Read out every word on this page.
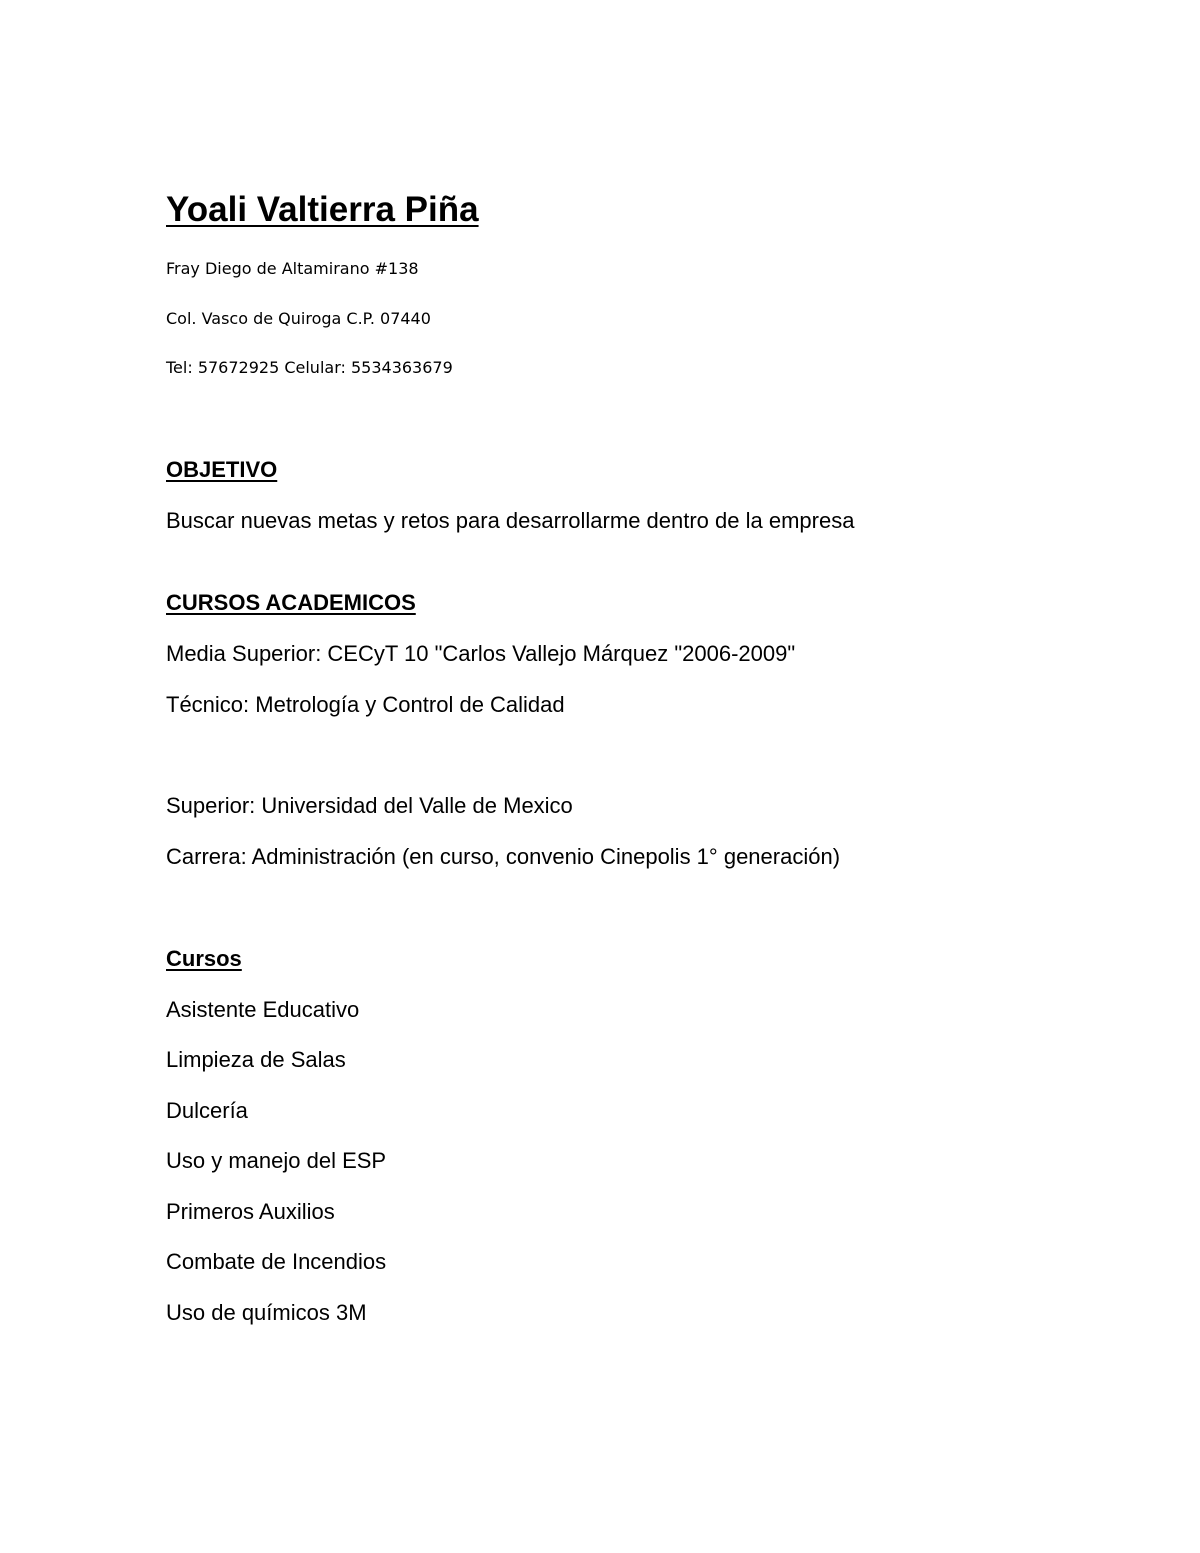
Yoali Valtierra Piña

Fray Diego de Altamirano #138

Col. Vasco de Quiroga C.P. 07440

Tel: 57672925 Celular: 5534363679

OBJETIVO

Buscar nuevas metas y retos para desarrollarme dentro de la empresa

CURSOS ACADEMICOS

Media Superior: CECyT 10 "Carlos Vallejo Márquez "2006-2009"

Técnico: Metrología y Control de Calidad

Superior: Universidad del Valle de Mexico

Carrera: Administración (en curso, convenio Cinepolis 1° generación)

Cursos

Asistente Educativo

Limpieza de Salas

Dulcería

Uso y manejo del ESP

Primeros Auxilios

Combate de Incendios

Uso de químicos 3M
